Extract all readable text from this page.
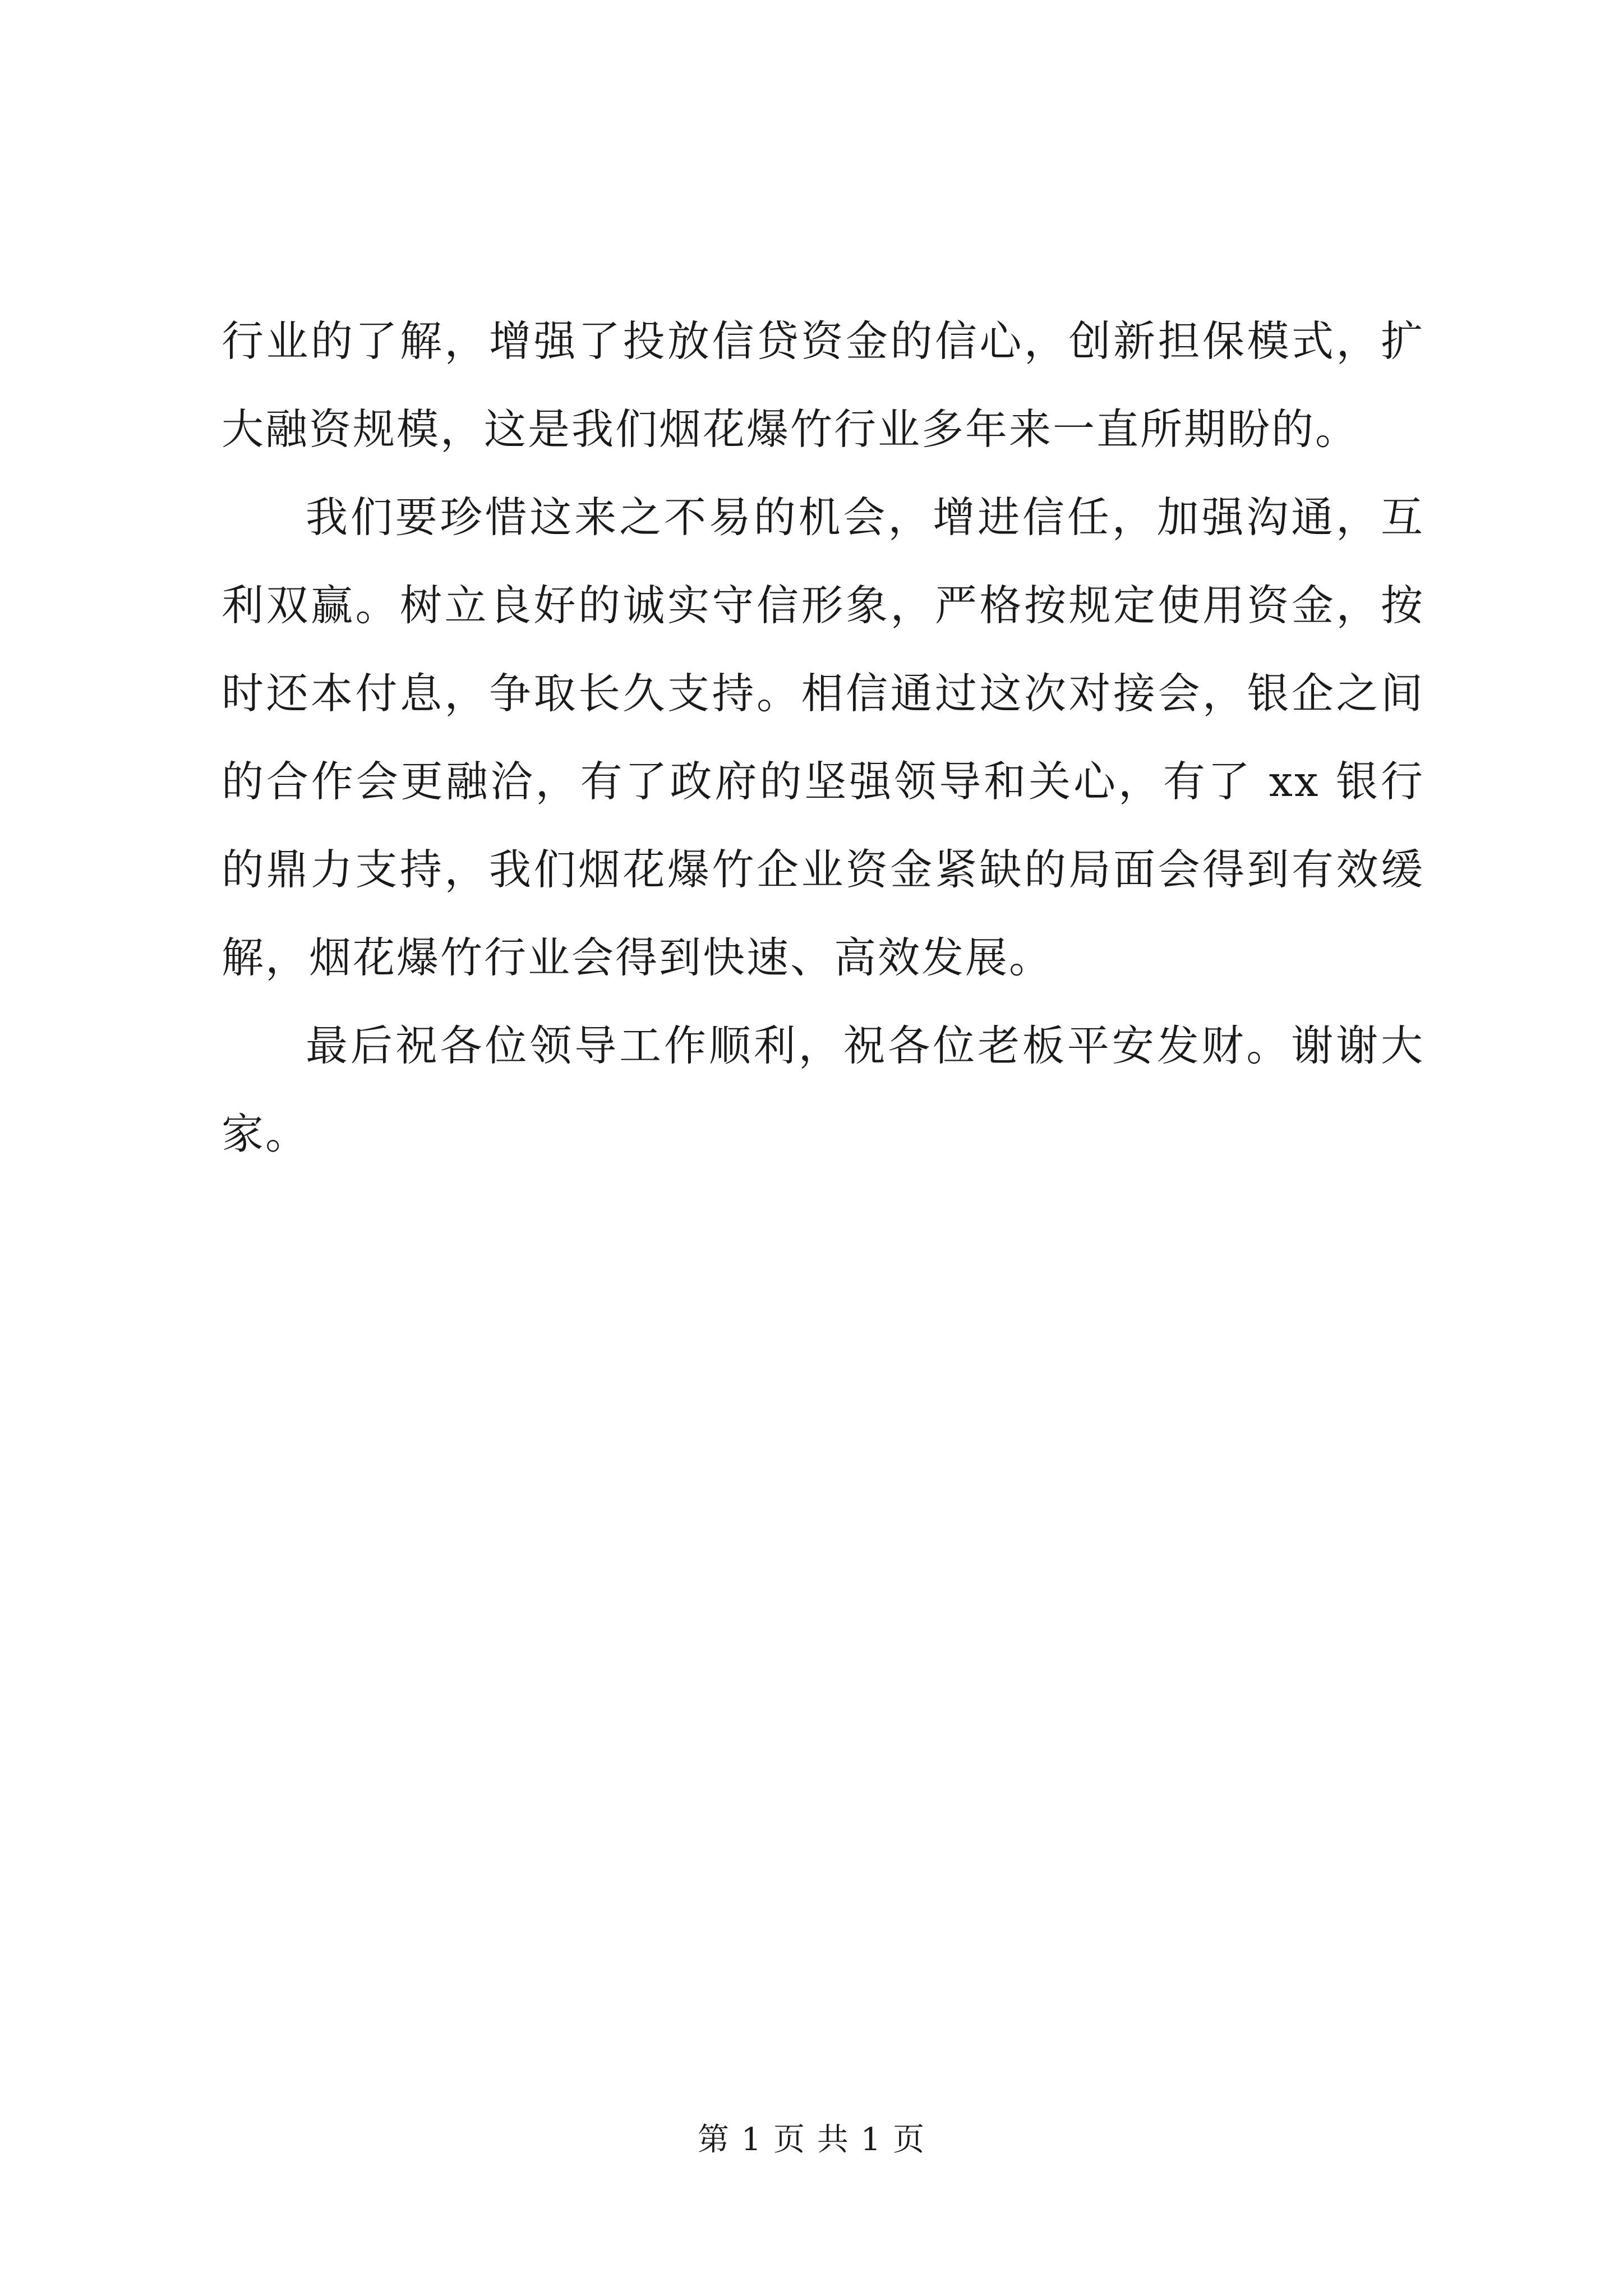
行业的了解，增强了投放信贷资金的信心，创新担保模式，扩大融资规模，这是我们烟花爆竹行业多年来一直所期盼的。

我们要珍惜这来之不易的机会，增进信任，加强沟通，互利双赢。树立良好的诚实守信形象，严格按规定使用资金，按时还本付息，争取长久支持。相信通过这次对接会，银企之间的合作会更融洽，有了政府的坚强领导和关心，有了 xx 银行的鼎力支持，我们烟花爆竹企业资金紧缺的局面会得到有效缓解，烟花爆竹行业会得到快速、高效发展。

最后祝各位领导工作顺利，祝各位老板平安发财。谢谢大家。

第 1 页 共 1 页
